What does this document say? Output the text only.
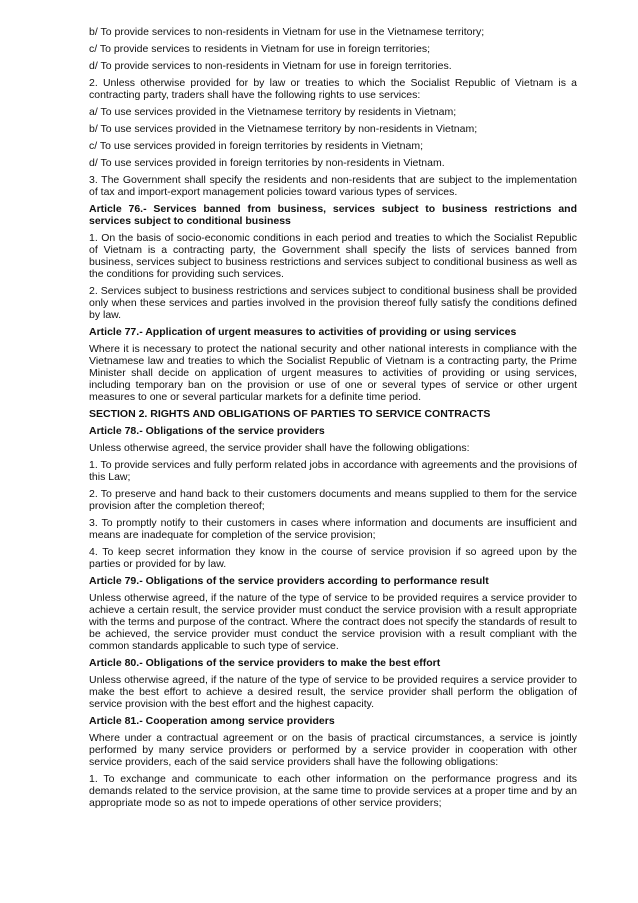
b/ To provide services to non-residents in Vietnam for use in the Vietnamese territory;

c/ To provide services to residents in Vietnam for use in foreign territories;

d/ To provide services to non-residents in Vietnam for use in foreign territories.

2. Unless otherwise provided for by law or treaties to which the Socialist Republic of Vietnam is a contracting party, traders shall have the following rights to use services:

a/ To use services provided in the Vietnamese territory by residents in Vietnam;

b/ To use services provided in the Vietnamese territory by non-residents in Vietnam;

c/ To use services provided in foreign territories by residents in Vietnam;

d/ To use services provided in foreign territories by non-residents in Vietnam.

3. The Government shall specify the residents and non-residents that are subject to the implementation of tax and import-export management policies toward various types of services.

Article 76.- Services banned from business, services subject to business restrictions and services subject to conditional business

1. On the basis of socio-economic conditions in each period and treaties to which the Socialist Republic of Vietnam is a contracting party, the Government shall specify the lists of services banned from business, services subject to business restrictions and services subject to conditional business as well as the conditions for providing such services.

2. Services subject to business restrictions and services subject to conditional business shall be provided only when these services and parties involved in the provision thereof fully satisfy the conditions defined by law.

Article 77.- Application of urgent measures to activities of providing or using services

Where it is necessary to protect the national security and other national interests in compliance with the Vietnamese law and treaties to which the Socialist Republic of Vietnam is a contracting party, the Prime Minister shall decide on application of urgent measures to activities of providing or using services, including temporary ban on the provision or use of one or several types of service or other urgent measures to one or several particular markets for a definite time period.

SECTION 2. RIGHTS AND OBLIGATIONS OF PARTIES TO SERVICE CONTRACTS

Article 78.- Obligations of the service providers

Unless otherwise agreed, the service provider shall have the following obligations:

1. To provide services and fully perform related jobs in accordance with agreements and the provisions of this Law;

2. To preserve and hand back to their customers documents and means supplied to them for the service provision after the completion thereof;

3. To promptly notify to their customers in cases where information and documents are insufficient and means are inadequate for completion of the service provision;

4. To keep secret information they know in the course of service provision if so agreed upon by the parties or provided for by law.

Article 79.- Obligations of the service providers according to performance result

Unless otherwise agreed, if the nature of the type of service to be provided requires a service provider to achieve a certain result, the service provider must conduct the service provision with a result appropriate with the terms and purpose of the contract. Where the contract does not specify the standards of result to be achieved, the service provider must conduct the service provision with a result compliant with the common standards applicable to such type of service.

Article 80.- Obligations of the service providers to make the best effort

Unless otherwise agreed, if the nature of the type of service to be provided requires a service provider to make the best effort to achieve a desired result, the service provider shall perform the obligation of service provision with the best effort and the highest capacity.

Article 81.- Cooperation among service providers

Where under a contractual agreement or on the basis of practical circumstances, a service is jointly performed by many service providers or performed by a service provider in cooperation with other service providers, each of the said service providers shall have the following obligations:

1. To exchange and communicate to each other information on the performance progress and its demands related to the service provision, at the same time to provide services at a proper time and by an appropriate mode so as not to impede operations of other service providers;
